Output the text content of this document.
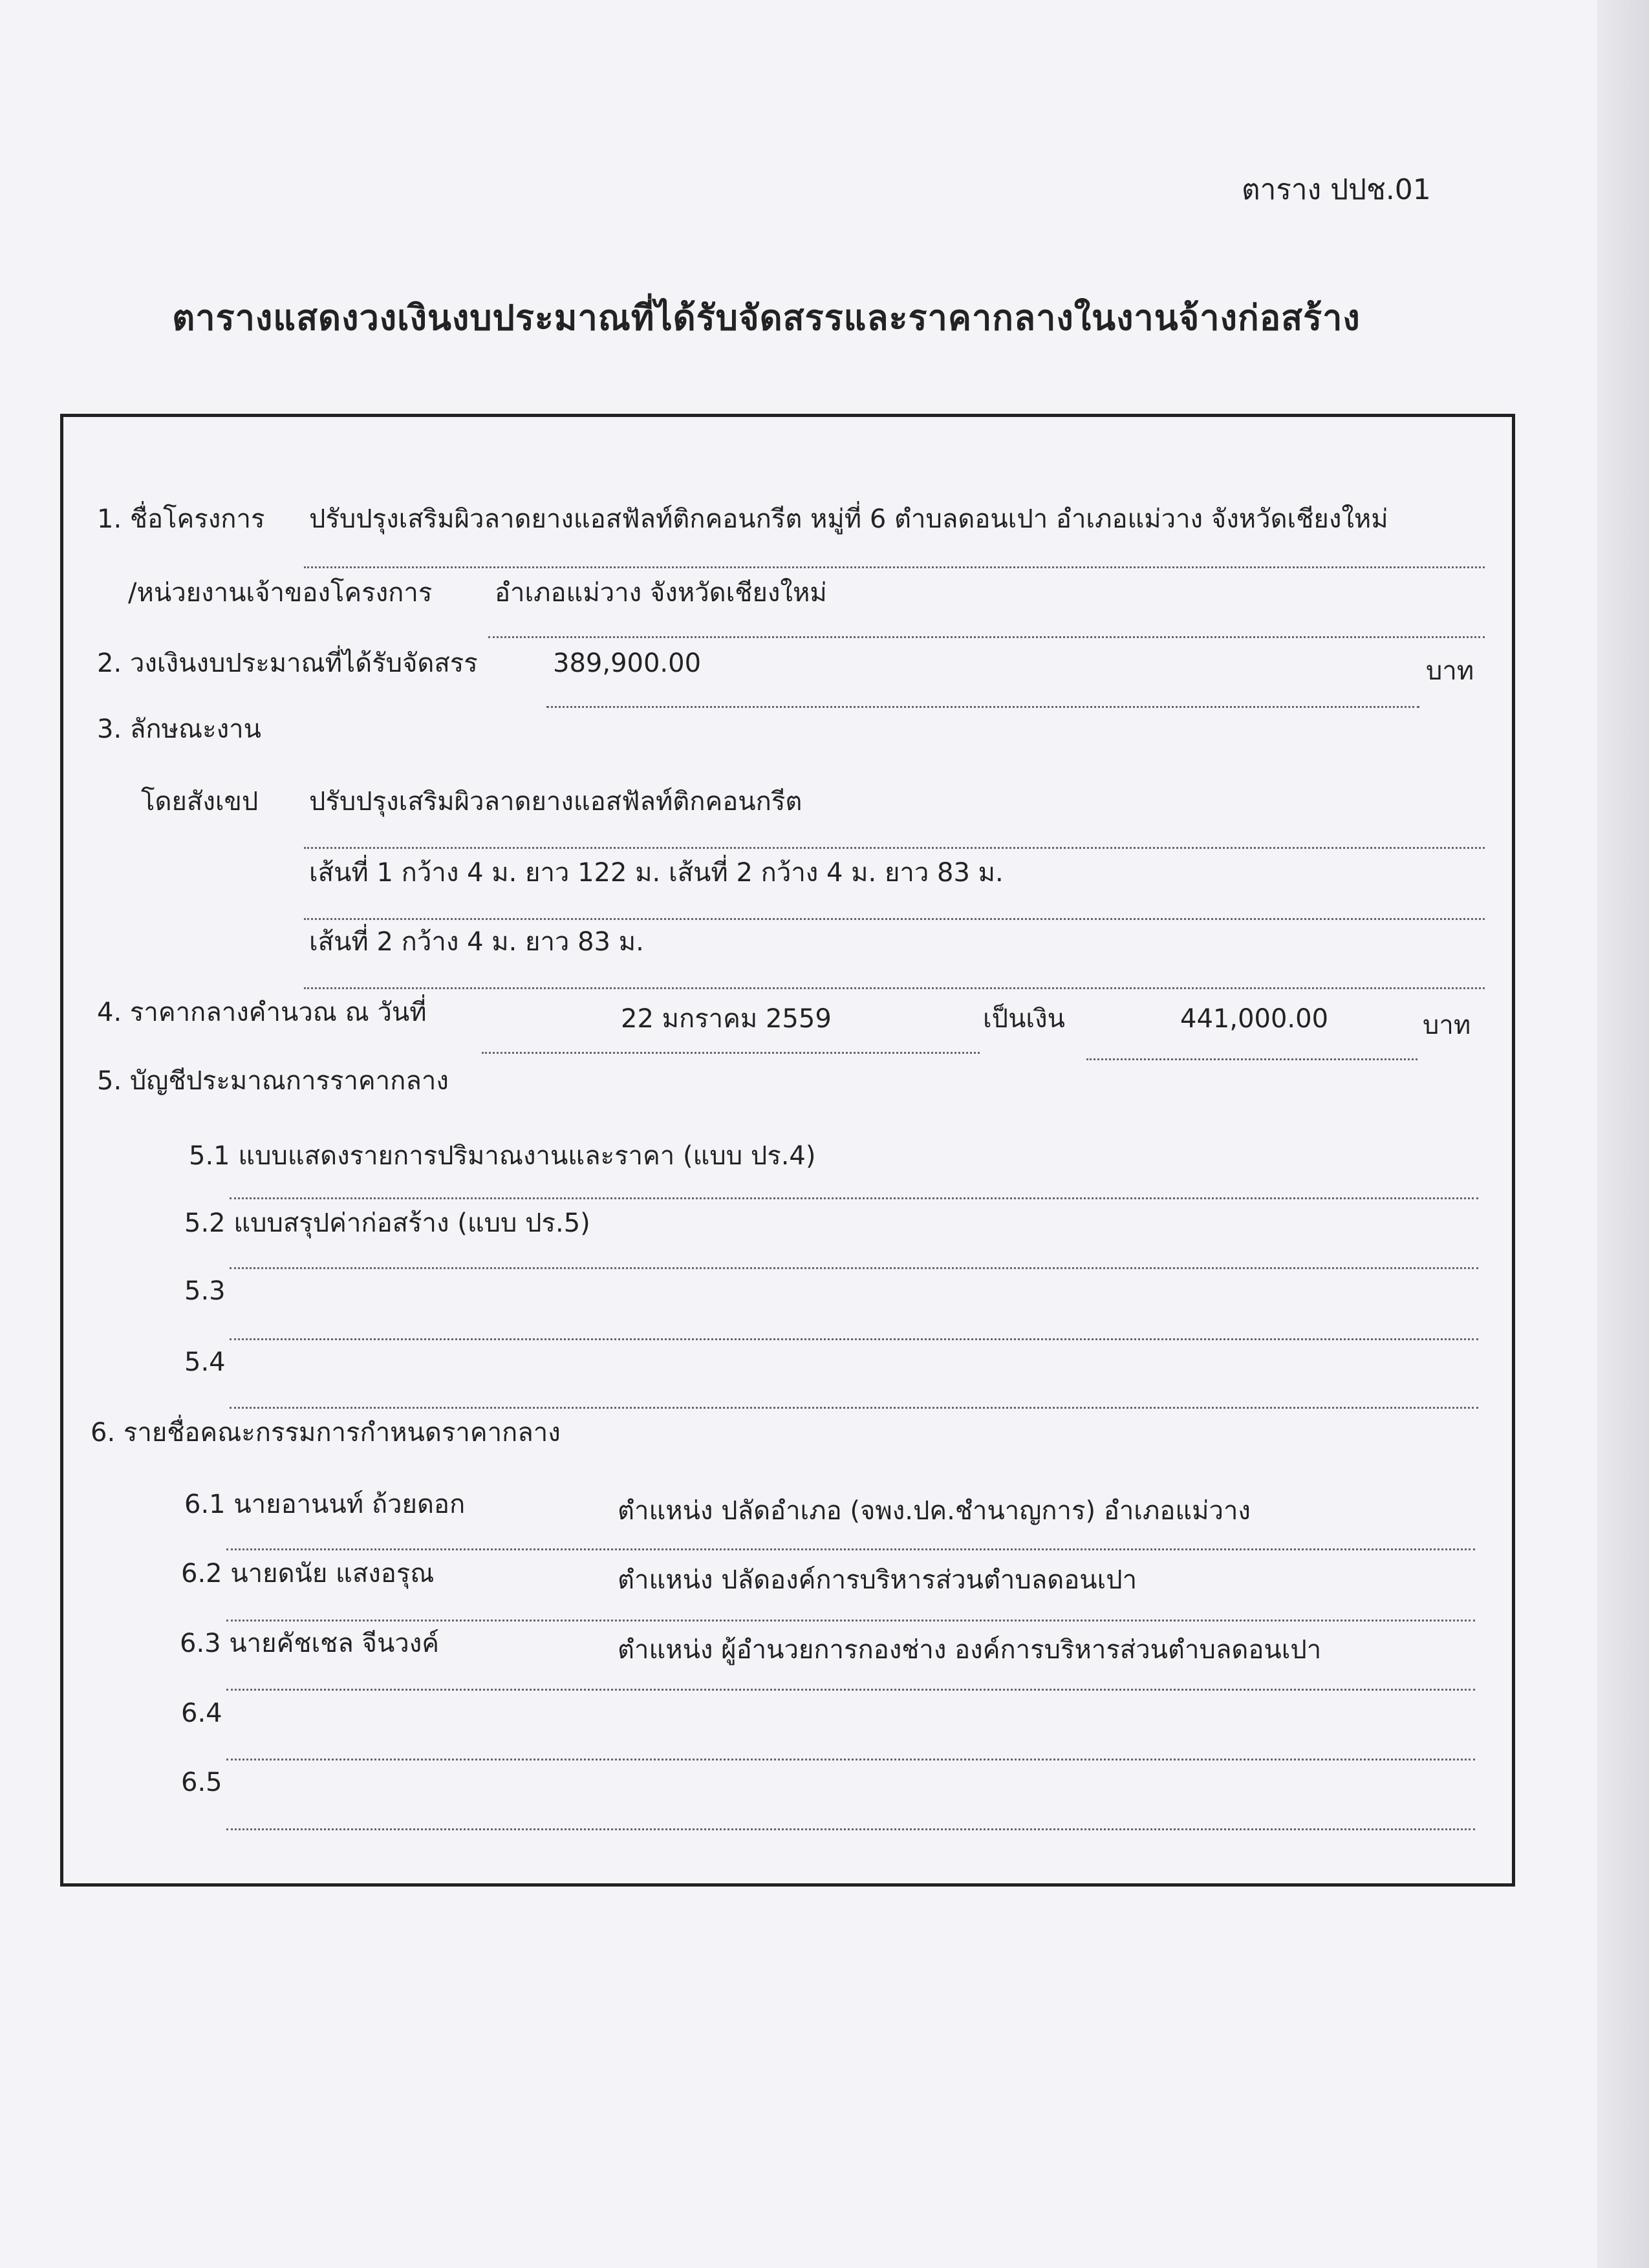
ตาราง ปปช.01
ตารางแสดงวงเงินงบประมาณที่ได้รับจัดสรรและราคากลางในงานจ้างก่อสร้าง
1. ชื่อโครงการ ปรับปรุงเสริมผิวลาดยางแอสฟัลท์ติกคอนกรีต หมู่ที่ 6 ตำบลดอนเปา อำเภอแม่วาง จังหวัดเชียงใหม่
/หน่วยงานเจ้าของโครงการ อำเภอแม่วาง จังหวัดเชียงใหม่
2. วงเงินงบประมาณที่ได้รับจัดสรร	389,900.00	บาท
3. ลักษณะงาน
โดยสังเขป ปรับปรุงเสริมผิวลาดยางแอสฟัลท์ติกคอนกรีต
เส้นที่ 1 กว้าง 4 ม. ยาว 122 ม. เส้นที่ 2 กว้าง 4 ม. ยาว 83 ม.
เส้นที่ 2 กว้าง 4 ม. ยาว 83 ม.
4. ราคากลางคำนวณ ณ วันที่	22 มกราคม 2559	เป็นเงิน	441,000.00	บาท
5. บัญชีประมาณการราคากลาง
5.1 แบบแสดงรายการปริมาณงานและราคา (แบบ ปร.4)
5.2 แบบสรุปค่าก่อสร้าง (แบบ ปร.5)
5.3
5.4
6. รายชื่อคณะกรรมการกำหนดราคากลาง
6.1 นายอานนท์ ถ้วยดอก	ตำแหน่ง ปลัดอำเภอ (จพง.ปค.ชำนาญการ) อำเภอแม่วาง
6.2 นายดนัย แสงอรุณ	ตำแหน่ง ปลัดองค์การบริหารส่วนตำบลดอนเปา
6.3 นายคัชเชล จีนวงค์	ตำแหน่ง ผู้อำนวยการกองช่าง องค์การบริหารส่วนตำบลดอนเปา
6.4
6.5
